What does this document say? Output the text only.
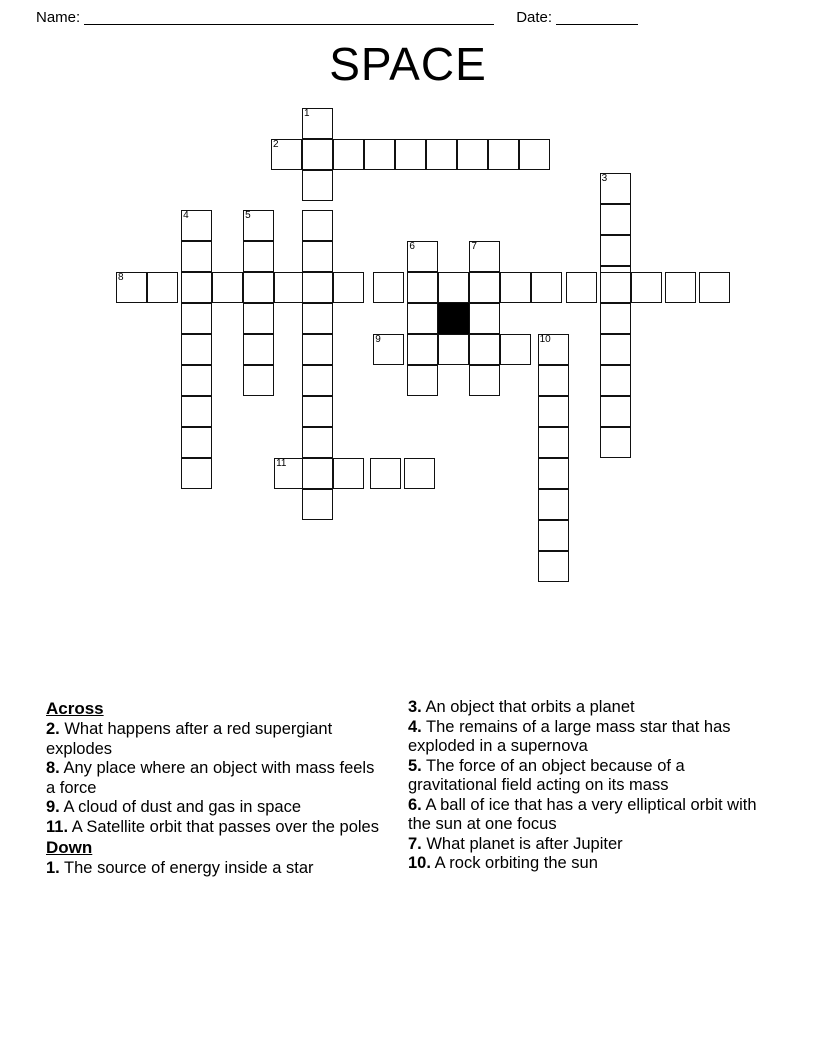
Name:	Date:
SPACE
1
2
3
4	5
6	7
8
9	10
11
Across
2. What happens after a red supergiant explodes
8. Any place where an object with mass feels a force
9. A cloud of dust and gas in space
11. A Satellite orbit that passes over the poles
Down
1. The source of energy inside a star
3. An object that orbits a planet
4. The remains of a large mass star that has exploded in a supernova
5. The force of an object because of a gravitational field acting on its mass
6. A ball of ice that has a very elliptical orbit with the sun at one focus
7. What planet is after Jupiter
10. A rock orbiting the sun
